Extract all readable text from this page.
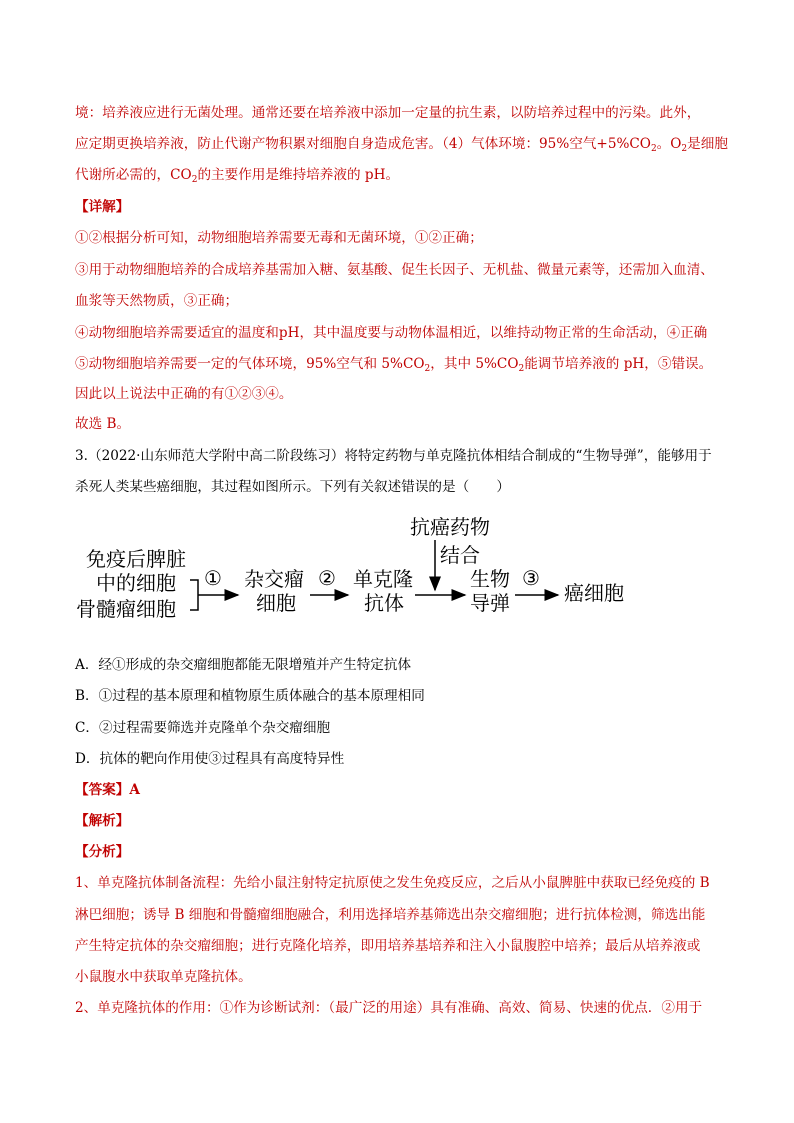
境：培养液应进行无菌处理。通常还要在培养液中添加一定量的抗生素，以防培养过程中的污染。此外，
应定期更换培养液，防止代谢产物积累对细胞自身造成危害。（4）气体环境：95%空气$+5\%CO_2$。$O_2$是细胞
代谢所必需的，$CO_2$的主要作用是维持培养液的 pH。
【详解】
①②根据分析可知，动物细胞培养需要无毒和无菌环境，①②正确；
③用于动物细胞培养的合成培养基需加入糖、氨基酸、促生长因子、无机盐、微量元素等，还需加入血清、
血浆等天然物质，③正确；
④动物细胞培养需要适宜的温度和pH，其中温度要与动物体温相近，以维持动物正常的生命活动，④正确
⑤动物细胞培养需要一定的气体环境，95%空气和 $5\%CO_2$，其中 $5\%CO_2$能调节培养液的 pH，⑤错误。
因此以上说法中正确的有①②③④。
故选 B。
3.（2022·山东师范大学附中高二阶段练习）将特定药物与单克隆抗体相结合制成的“生物导弹”，能够用于
杀死人类某些癌细胞，其过程如图所示。下列有关叙述错误的是（　　）
抗癌药物
结合
免疫后脾脏
中的细胞
骨髓瘤细胞
① 杂交瘤
细胞
② 单克隆
抗体
生物
导弹
③
癌细胞
A．经①形成的杂交瘤细胞都能无限增殖并产生特定抗体
B．①过程的基本原理和植物原生质体融合的基本原理相同
C．②过程需要筛选并克隆单个杂交瘤细胞
D．抗体的靶向作用使③过程具有高度特异性
【答案】A
【解析】
【分析】
1、单克隆抗体制备流程：先给小鼠注射特定抗原使之发生免疫反应，之后从小鼠脾脏中获取已经免疫的 B
淋巴细胞；诱导 B 细胞和骨髓瘤细胞融合，利用选择培养基筛选出杂交瘤细胞；进行抗体检测，筛选出能
产生特定抗体的杂交瘤细胞；进行克隆化培养，即用培养基培养和注入小鼠腹腔中培养；最后从培养液或
小鼠腹水中获取单克隆抗体。
2、单克隆抗体的作用：①作为诊断试剂：（最广泛的用途）具有准确、高效、简易、快速的优点．②用于
